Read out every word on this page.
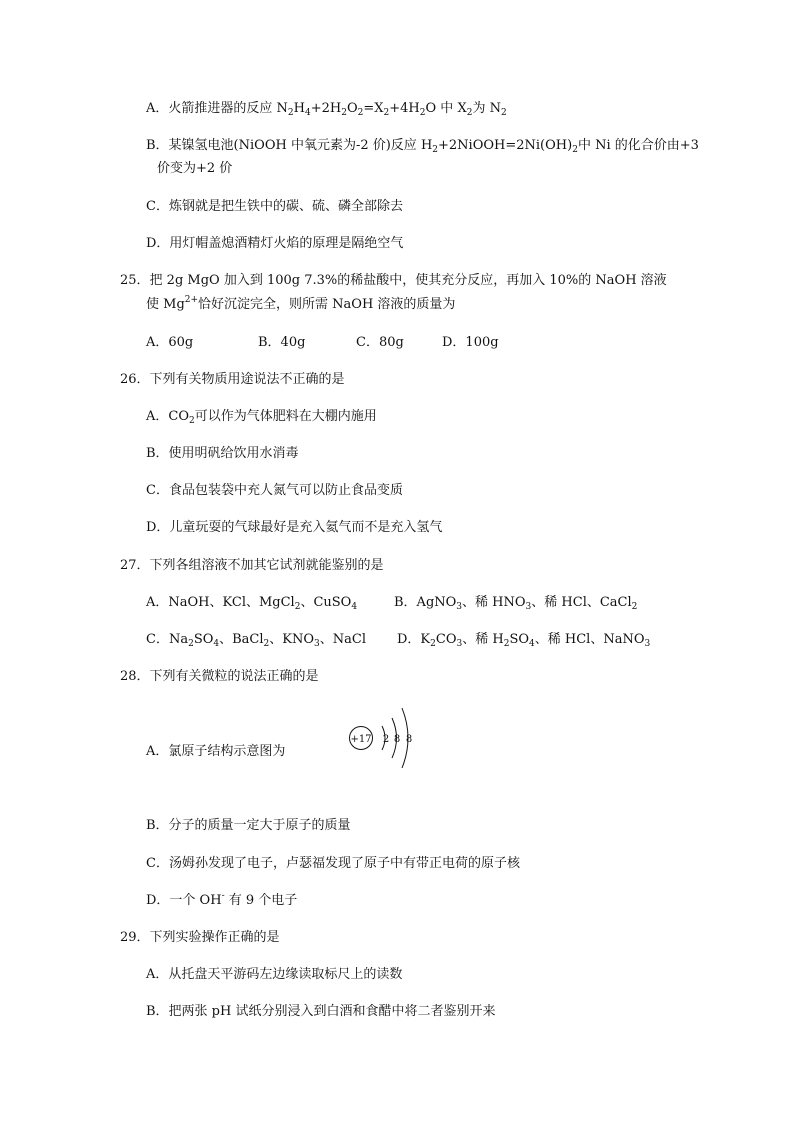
A．火箭推进器的反应 $N_2H_4+2H_2O_2=X_2+4H_2O$ 中 $X_2$为 $N_2$
B．某镍氢电池(NiOOH 中氧元素为-2 价)反应 $H_2+2NiOOH=2Ni(OH)_2$中 Ni 的化合价由+3
价变为+2 价
C．炼钢就是把生铁中的碳、硫、磷全部除去
D．用灯帽盖熄酒精灯火焰的原理是隔绝空气
25．把 2g MgO 加入到 100g 7.3%的稀盐酸中，使其充分反应，再加入 10%的 NaOH 溶液
使 $Mg^{2+}$恰好沉淀完全，则所需 NaOH 溶液的质量为
A．60g	B．40g	C．80g	D．100g
26．下列有关物质用途说法不正确的是
A．$CO_2$可以作为气体肥料在大棚内施用
B．使用明矾给饮用水消毒
C．食品包装袋中充人氮气可以防止食品变质
D．儿童玩耍的气球最好是充入氦气而不是充入氢气
27．下列各组溶液不加其它试剂就能鉴别的是
A．NaOH、KCl、MgCl$_2$、CuSO$_4$	B．AgNO$_3$、稀 $HNO_3$、稀 HCl、CaCl$_2$
C．$Na_2SO_4$、BaCl$_2$、$KNO_3$、NaCl D．$K_2CO_3$、稀 $H_2SO_4$、稀 HCl、NaNO$_3$
28．下列有关微粒的说法正确的是
A．氯原子结构示意图为
+17 2 8 8
B．分子的质量一定大于原子的质量
C．汤姆孙发现了电子，卢瑟福发现了原子中有带正电荷的原子核
D．一个 OH- 有 9 个电子
29．下列实验操作正确的是
A．从托盘天平游码左边缘读取标尺上的读数
B．把两张 pH 试纸分别浸入到白酒和食醋中将二者鉴别开来
